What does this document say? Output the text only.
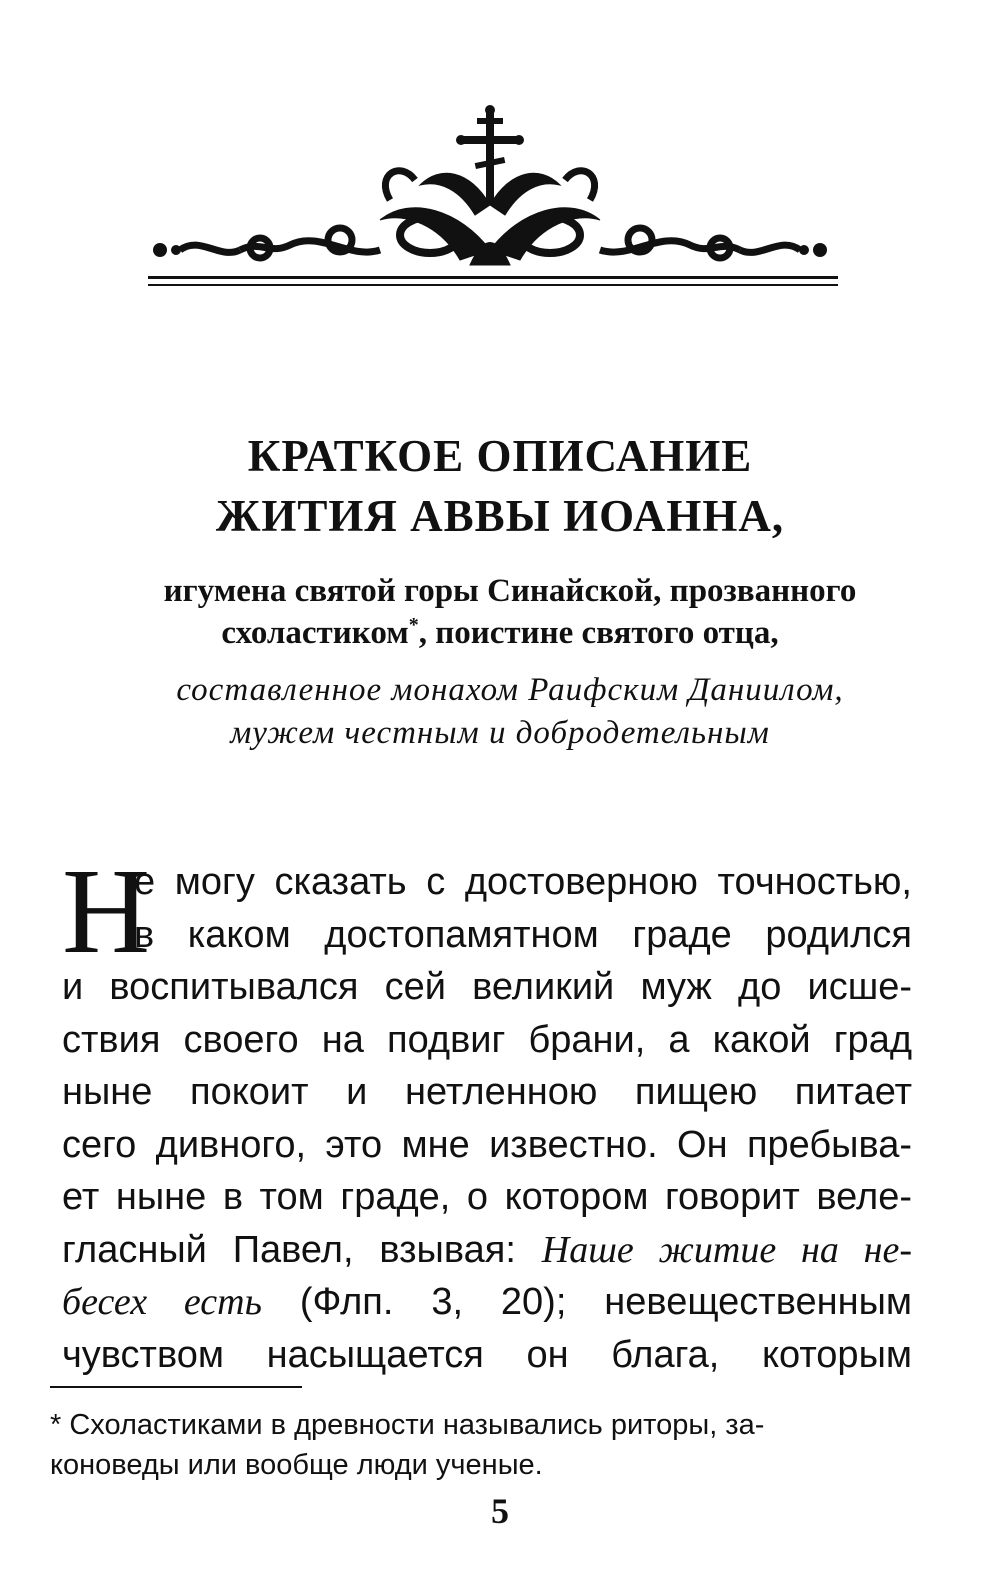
КРАТКОЕ ОПИСАНИЕ
ЖИТИЯ АВВЫ ИОАННА,
игумена святой горы Синайской, прозванного
схоластиком*, поистине святого отца,
составленное монахом Раифским Даниилом,
мужем честным и добродетельным
Н
е могу сказать с достоверною точностью,
в каком достопамятном граде родился
и воспитывался сей великий муж до исше-
ствия своего на подвиг брани, а какой град
ныне покоит и нетленною пищею питает
сего дивного, это мне известно. Он пребыва-
ет ныне в том граде, о котором говорит веле-
гласный Павел, взывая: Наше житие на не-
бесех есть (Флп. 3, 20); невещественным
чувством насыщается он блага, которым
* Схоластиками в древности назывались риторы, за-
коноведы или вообще люди ученые.
5
